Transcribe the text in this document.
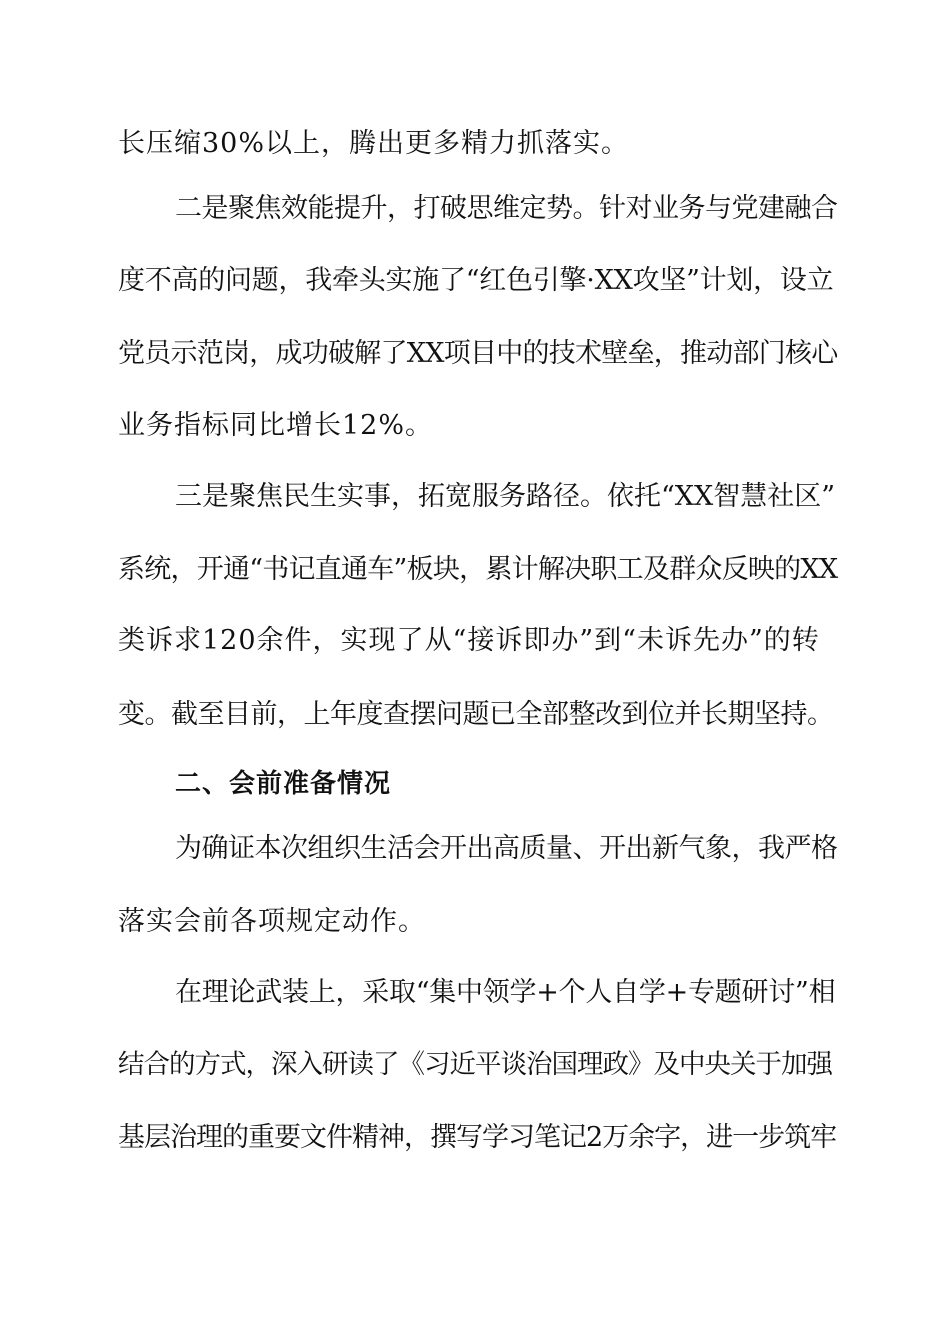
长压缩30%以上，腾出更多精力抓落实。
二是聚焦效能提升，打破思维定势。针对业务与党建融合
度不高的问题，我牵头实施了“红色引擎·XX攻坚”计划，设立
党员示范岗，成功破解了XX项目中的技术壁垒，推动部门核心
业务指标同比增长12%。
三是聚焦民生实事，拓宽服务路径。依托“XX智慧社区”
系统，开通“书记直通车”板块，累计解决职工及群众反映的XX
类诉求120余件，实现了从“接诉即办”到“未诉先办”的转
变。截至目前，上年度查摆问题已全部整改到位并长期坚持。
二、会前准备情况
为确证本次组织生活会开出高质量、开出新气象，我严格
落实会前各项规定动作。
在理论武装上，采取“集中领学+个人自学+专题研讨”相
结合的方式，深入研读了《习近平谈治国理政》及中央关于加强
基层治理的重要文件精神，撰写学习笔记2万余字，进一步筑牢
